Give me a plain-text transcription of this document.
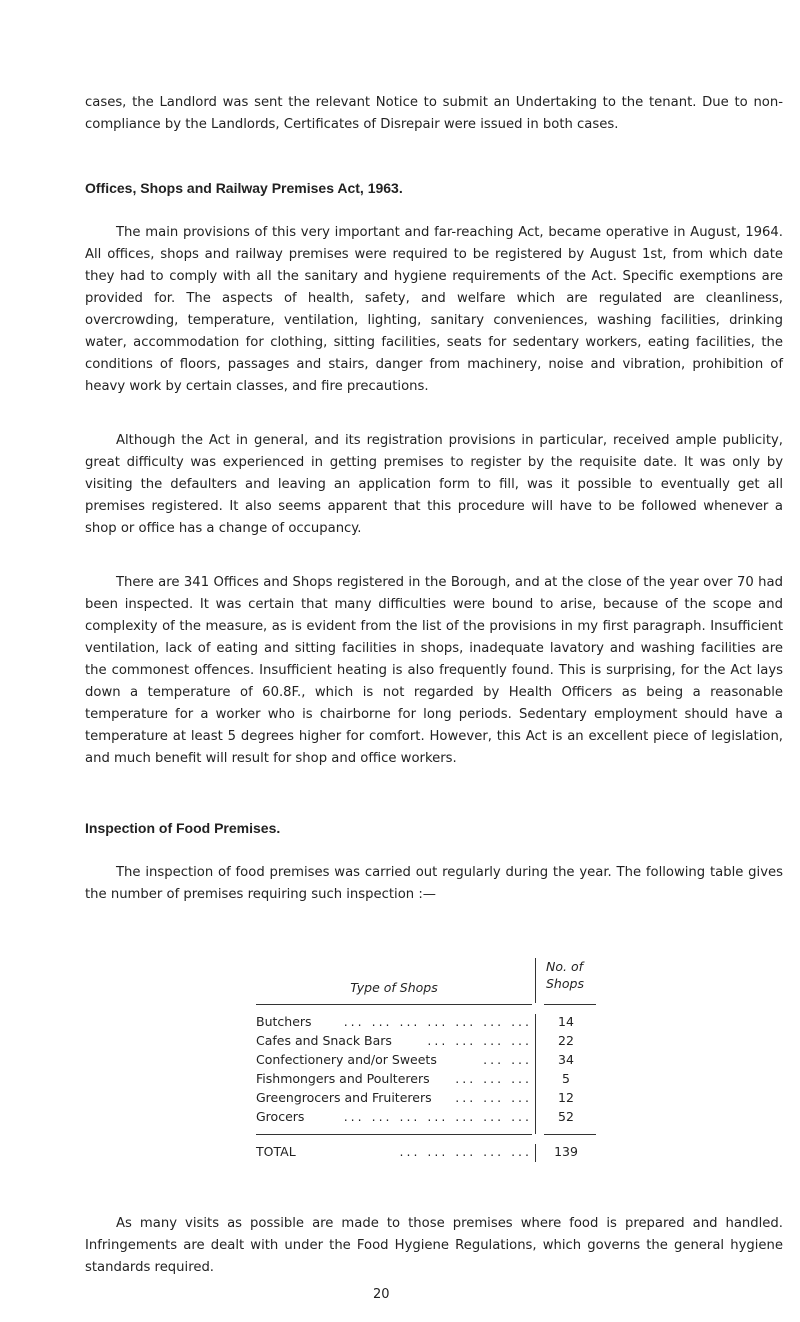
cases, the Landlord was sent the relevant Notice to submit an Undertaking to the tenant. Due to non-compliance by the Landlords, Certificates of Disrepair were issued in both cases.
Offices, Shops and Railway Premises Act, 1963.
The main provisions of this very important and far-reaching Act, became operative in August, 1964. All offices, shops and railway premises were required to be registered by August 1st, from which date they had to comply with all the sanitary and hygiene requirements of the Act. Specific exemptions are provided for. The aspects of health, safety, and welfare which are regulated are cleanliness, overcrowding, temperature, ventilation, lighting, sanitary conveniences, washing facilities, drinking water, accommodation for clothing, sitting facilities, seats for sedentary workers, eating facilities, the conditions of floors, passages and stairs, danger from machinery, noise and vibration, prohibition of heavy work by certain classes, and fire precautions.
Although the Act in general, and its registration provisions in particular, received ample publicity, great difficulty was experienced in getting premises to register by the requisite date. It was only by visiting the defaulters and leaving an application form to fill, was it possible to eventually get all premises registered. It also seems apparent that this procedure will have to be followed whenever a shop or office has a change of occupancy.
There are 341 Offices and Shops registered in the Borough, and at the close of the year over 70 had been inspected. It was certain that many difficulties were bound to arise, because of the scope and complexity of the measure, as is evident from the list of the provisions in my first paragraph. Insufficient ventilation, lack of eating and sitting facilities in shops, inadequate lavatory and washing facilities are the commonest offences. Insufficient heating is also frequently found. This is surprising, for the Act lays down a temperature of 60.8F., which is not regarded by Health Officers as being a reasonable temperature for a worker who is chairborne for long periods. Sedentary employment should have a temperature at least 5 degrees higher for comfort. However, this Act is an excellent piece of legislation, and much benefit will result for shop and office workers.
Inspection of Food Premises.
The inspection of food premises was carried out regularly during the year. The following table gives the number of premises requiring such inspection :—
Type of Shops
No. of
Shops
Butchers	... ... ... ... ... ... ...	14
Cafes and Snack Bars	... ... ... ...	22
Confectionery and/or Sweets	... ...	34
Fishmongers and Poulterers ... ... ...	5
Greengrocers and Fruiterers ... ... ...	12
Grocers	... ... ... ... ... ... ...	52
TOTAL	... ... ... ... ...	139
As many visits as possible are made to those premises where food is prepared and handled. Infringements are dealt with under the Food Hygiene Regulations, which governs the general hygiene standards required.
20
